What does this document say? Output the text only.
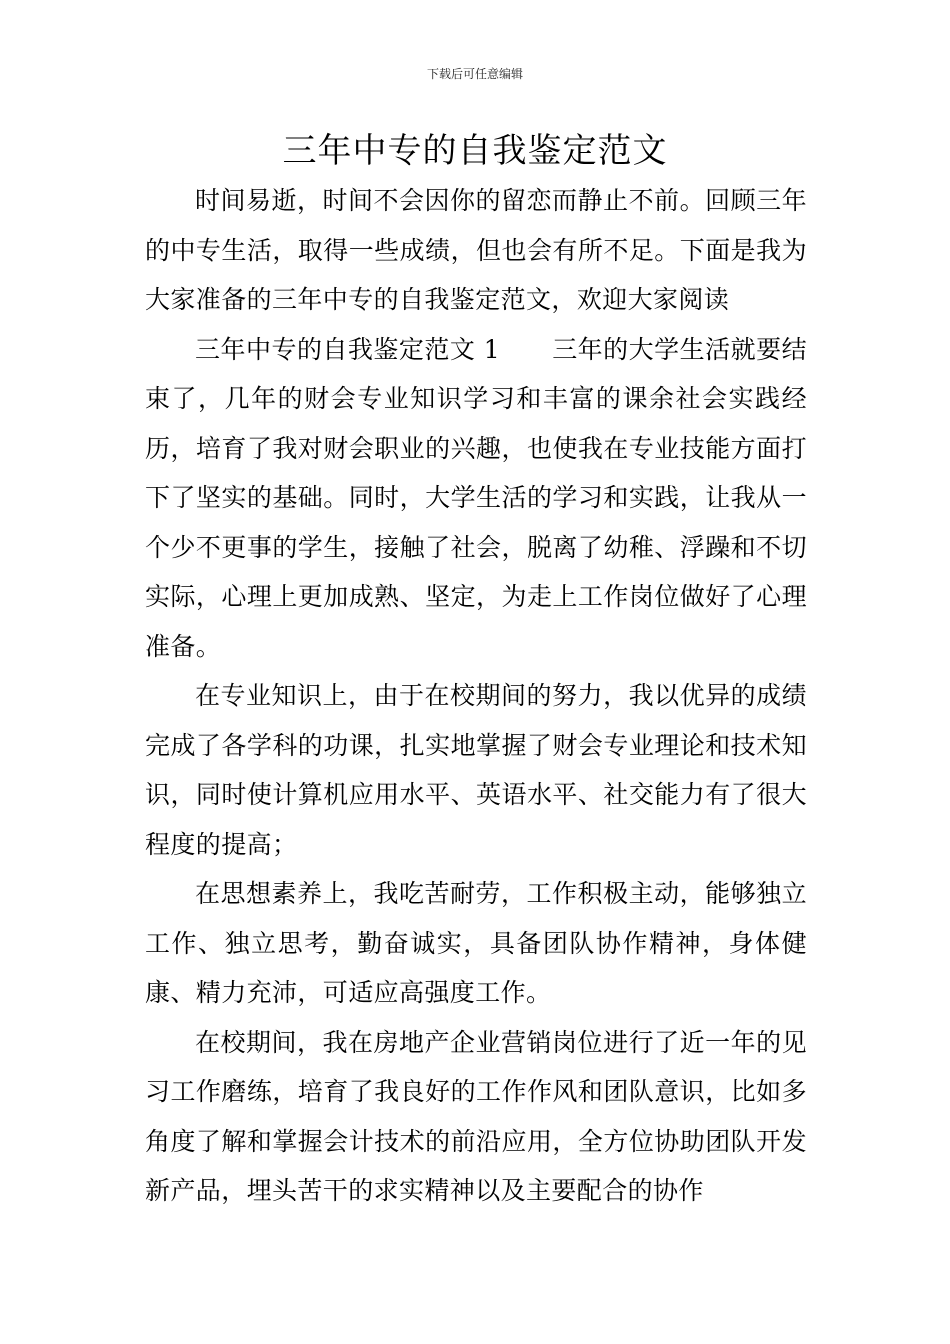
下载后可任意编辑
三年中专的自我鉴定范文

时间易逝，时间不会因你的留恋而静止不前。回顾三年的中专生活，取得一些成绩，但也会有所不足。下面是我为大家准备的三年中专的自我鉴定范文，欢迎大家阅读

三年中专的自我鉴定范文 1 三年的大学生活就要结束了，几年的财会专业知识学习和丰富的课余社会实践经历，培育了我对财会职业的兴趣，也使我在专业技能方面打下了坚实的基础。同时，大学生活的学习和实践，让我从一个少不更事的学生，接触了社会，脱离了幼稚、浮躁和不切实际，心理上更加成熟、坚定，为走上工作岗位做好了心理准备。

在专业知识上，由于在校期间的努力，我以优异的成绩完成了各学科的功课，扎实地掌握了财会专业理论和技术知识，同时使计算机应用水平、英语水平、社交能力有了很大程度的提高；

在思想素养上，我吃苦耐劳，工作积极主动，能够独立工作、独立思考，勤奋诚实，具备团队协作精神，身体健康、精力充沛，可适应高强度工作。

在校期间，我在房地产企业营销岗位进行了近一年的见习工作磨练，培育了我良好的工作作风和团队意识，比如多角度了解和掌握会计技术的前沿应用，全方位协助团队开发新产品，埋头苦干的求实精神以及主要配合的协作
